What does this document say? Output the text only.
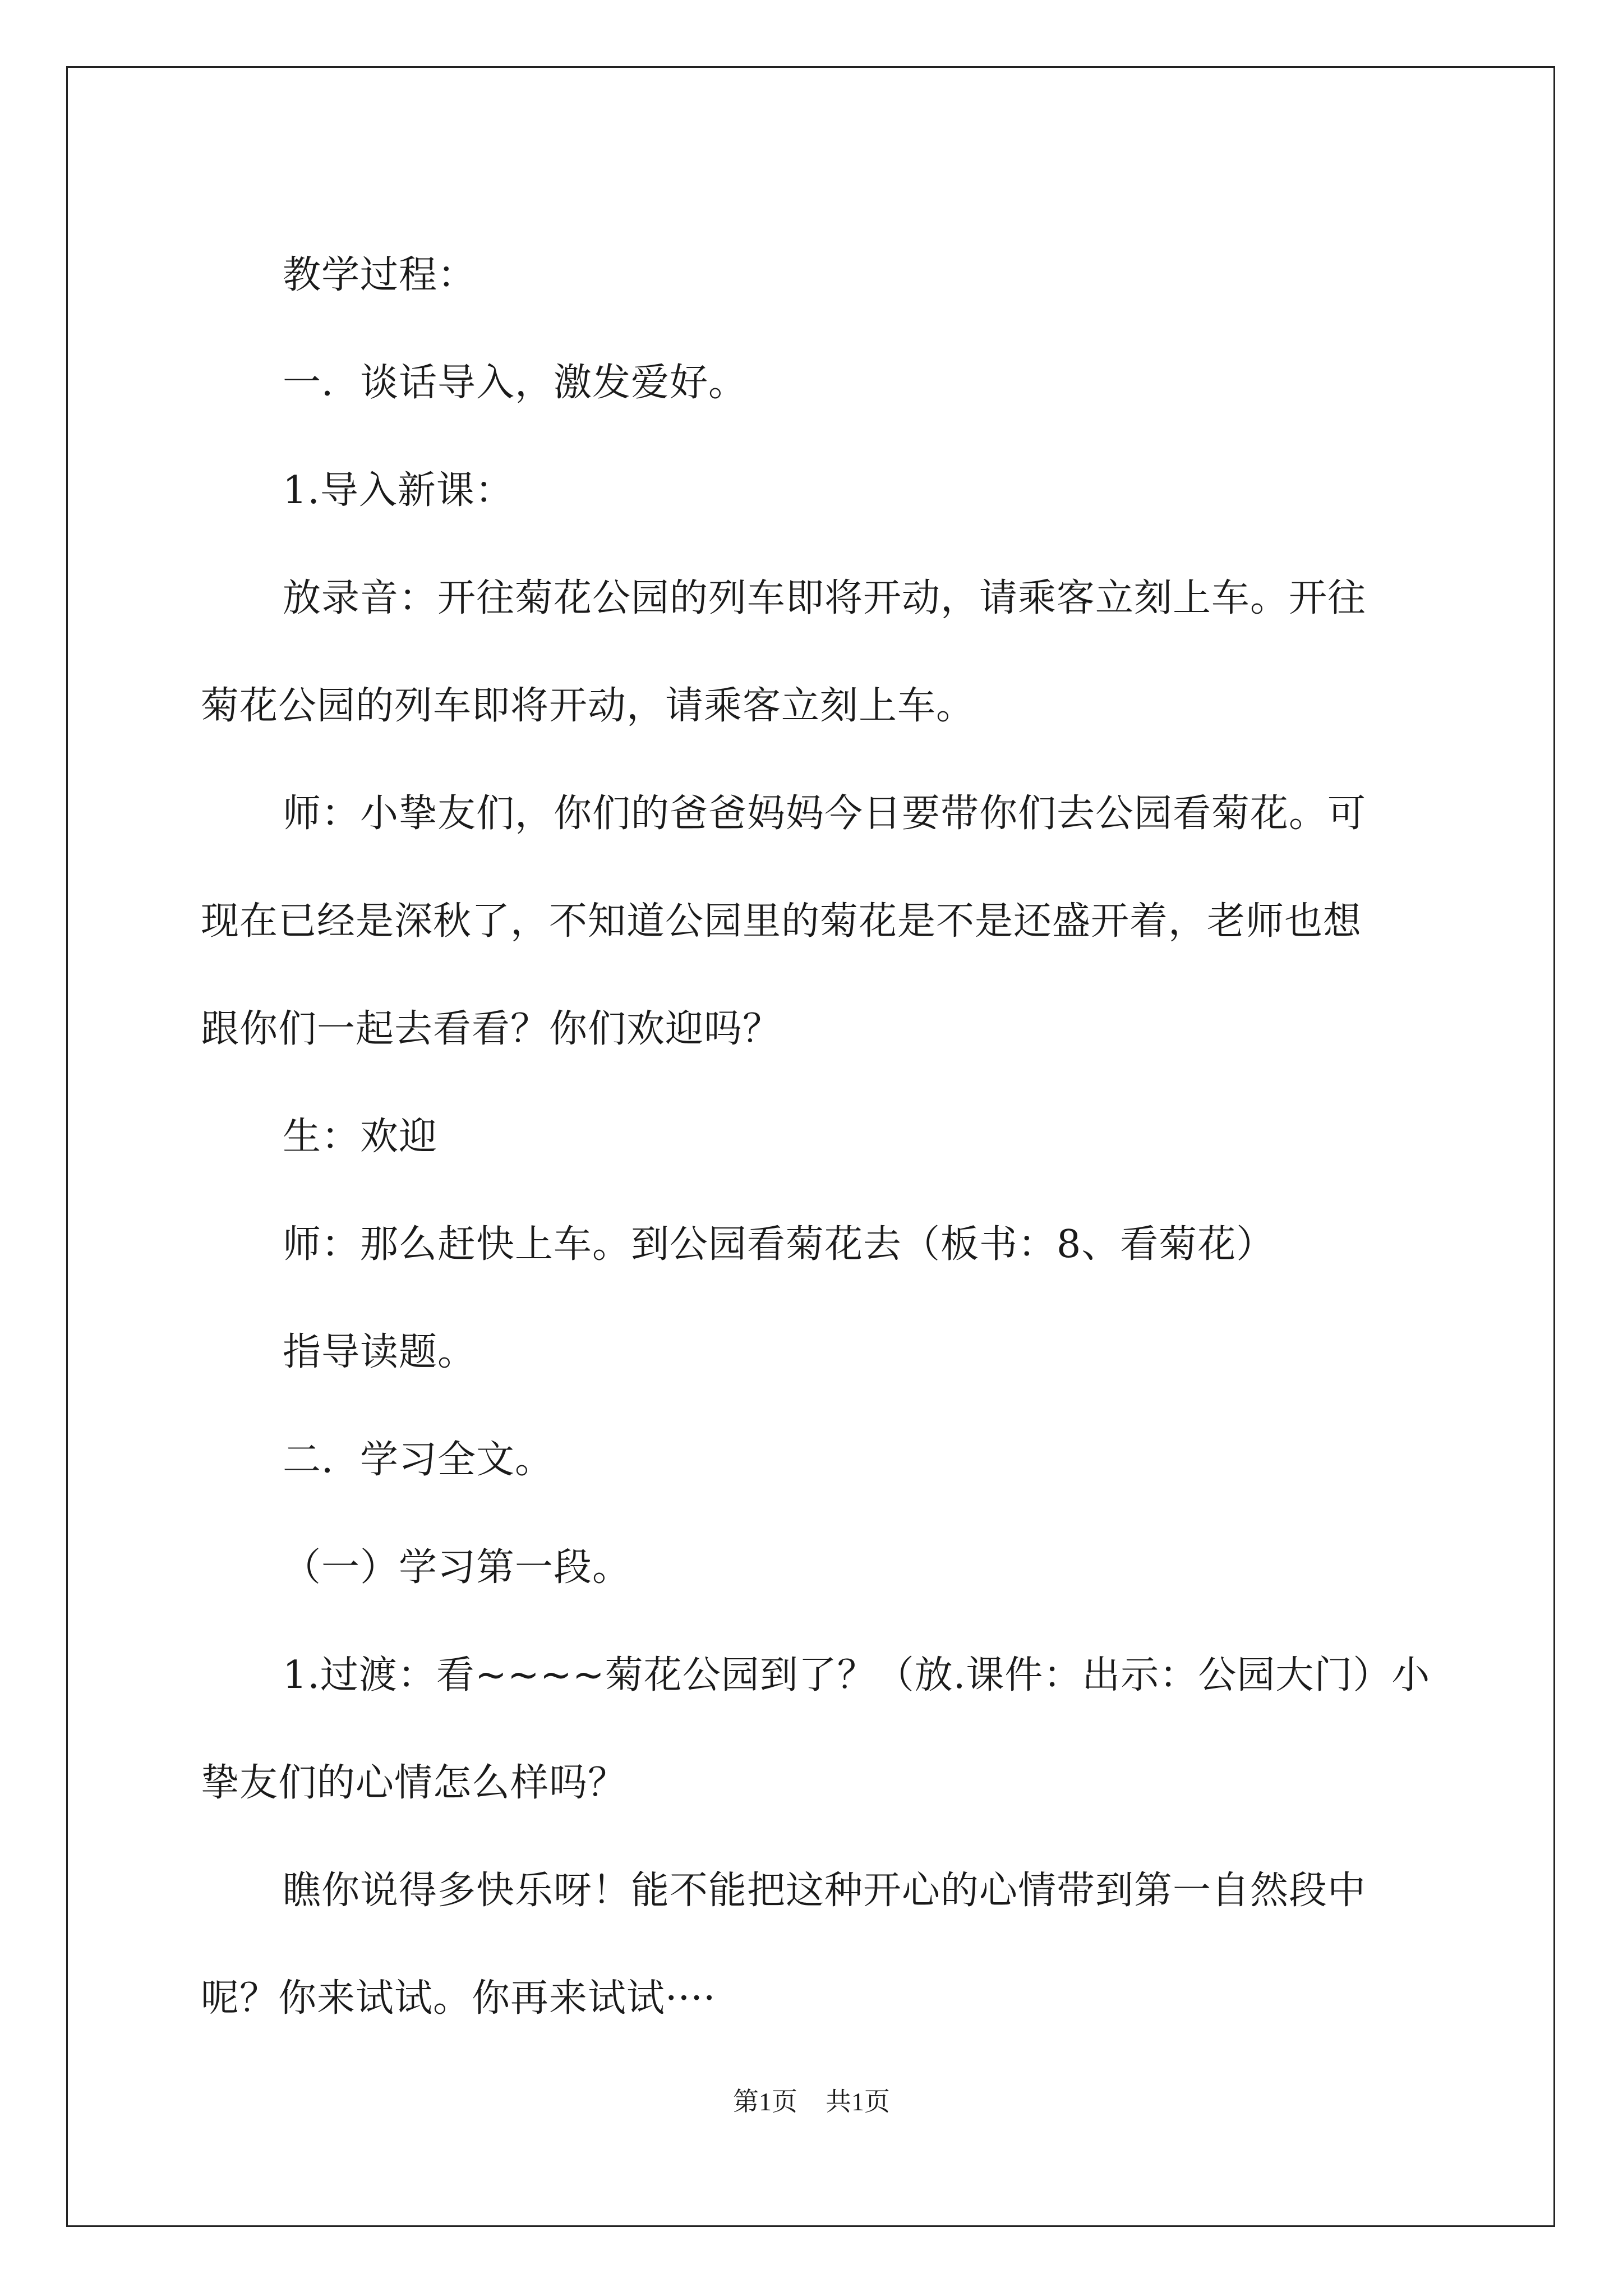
教学过程：

一．谈话导入，激发爱好。

1.导入新课：

放录音：开往菊花公园的列车即将开动，请乘客立刻上车。开往

菊花公园的列车即将开动，请乘客立刻上车。

师：小挚友们，你们的爸爸妈妈今日要带你们去公园看菊花。可

现在已经是深秋了，不知道公园里的菊花是不是还盛开着，老师也想

跟你们一起去看看？你们欢迎吗？

生：欢迎

师：那么赶快上车。到公园看菊花去（板书：8、看菊花）

指导读题。

二．学习全文。

（一）学习第一段。

1.过渡：看~~~~菊花公园到了？（放.课件：出示：公园大门）小

挚友们的心情怎么样吗？

瞧你说得多快乐呀！能不能把这种开心的心情带到第一自然段中

呢？你来试试。你再来试试····

第1页 共1页
